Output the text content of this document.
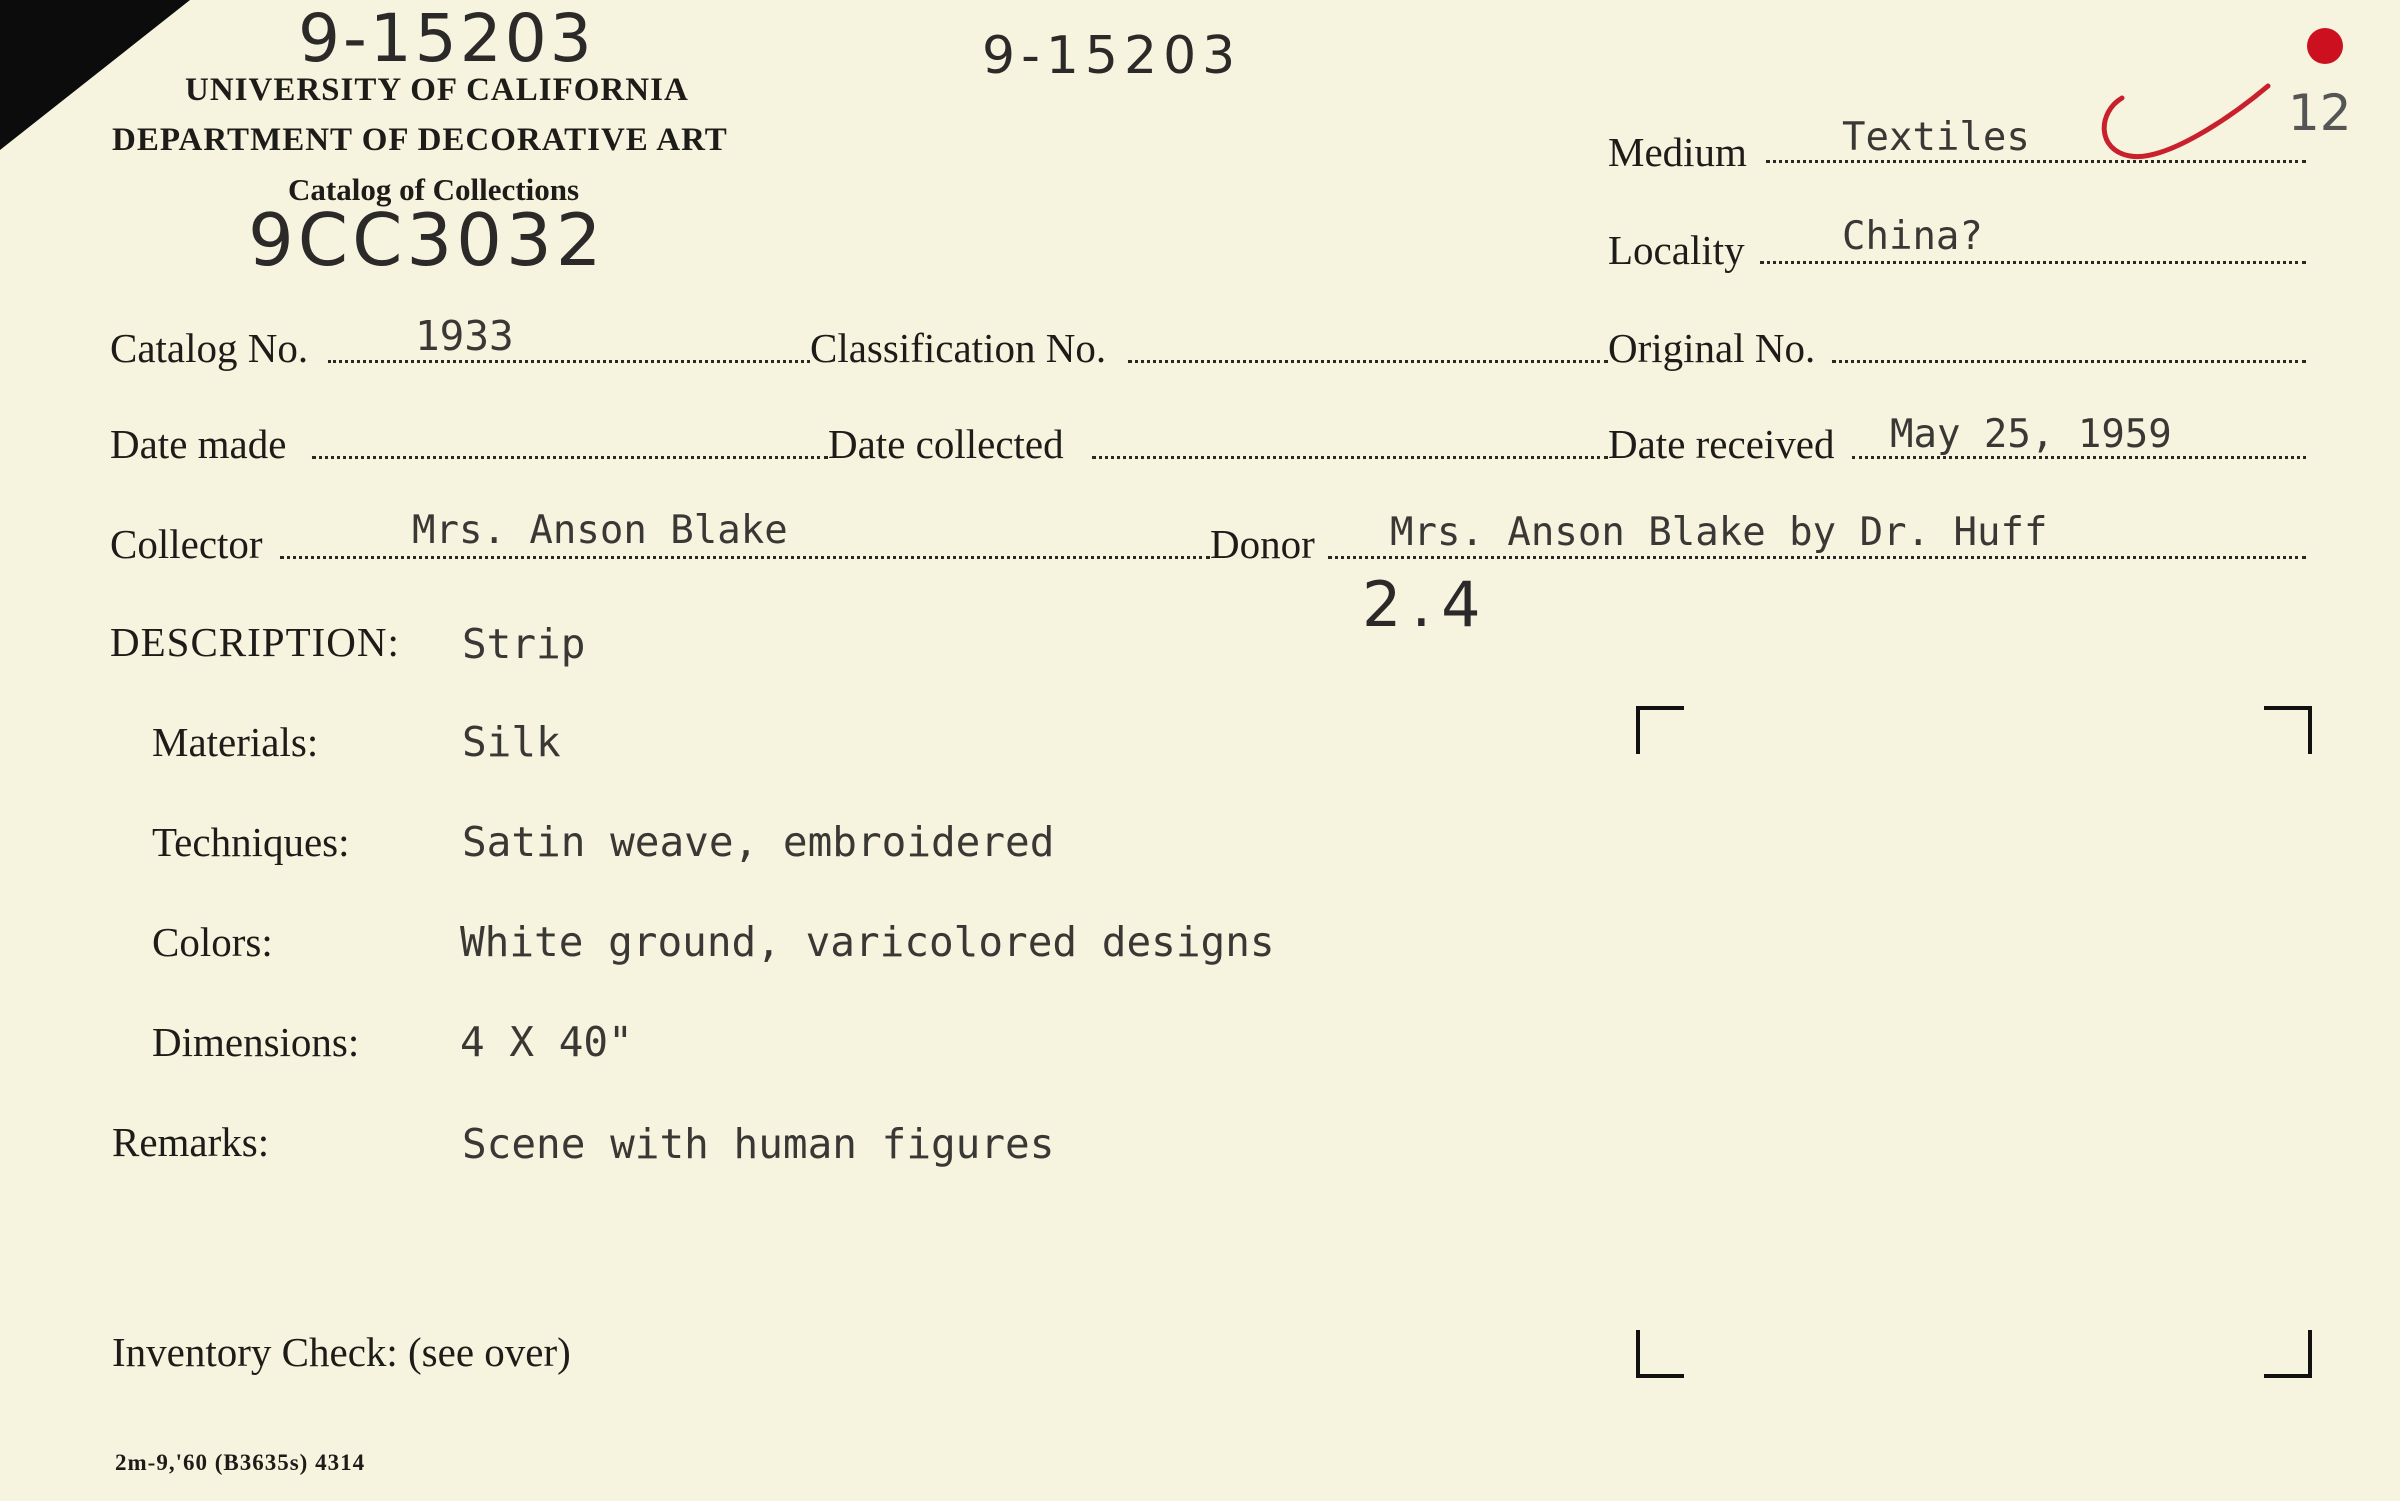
9-15203	9-15203
9CC3032
12
2.4
UNIVERSITY OF CALIFORNIA
DEPARTMENT OF DECORATIVE ART
Catalog of Collections
Medium Textiles
Locality China?
Catalog No.	1933	Classification No.	Original No.
Date made	Date collected	Date received May 25, 1959
Collector	Mrs. Anson Blake	Donor Mrs. Anson Blake by Dr. Huff
DESCRIPTION: Strip
Materials:	Silk
Techniques:	Satin weave, embroidered
Colors:	White ground, varicolored designs
Dimensions: 4 X 40"
Remarks:	Scene with human figures
Inventory Check: (see over)
2m-9,'60 (B3635s) 4314
